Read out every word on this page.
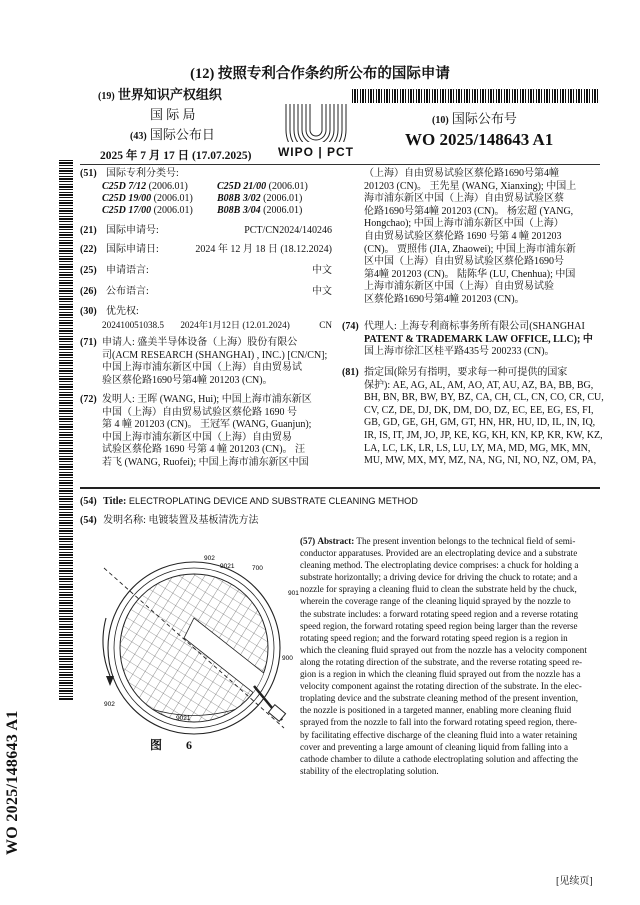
(12) 按照专利合作条约所公布的国际申请
(19) 世界知识产权组织
国 际 局
(43) 国际公布日
2025 年 7 月 17 日 (17.07.2025)	WIPO | PCT
(10) 国际公布号
WO 2025/148643 A1
WO 2025/148643 A1
(51) 国际专利分类号:
C25D 7/12 (2006.01)	C25D 21/00 (2006.01)
C25D 19/00 (2006.01)	B08B 3/02 (2006.01)
C25D 17/00 (2006.01)	B08B 3/04 (2006.01)
(21) 国际申请号:	PCT/CN2024/140246
(22) 国际申请日:	2024 年 12 月 18 日 (18.12.2024)
(25) 申请语言:	中文
(26) 公布语言:	中文
(30) 优先权:
202410051038.5 2024年1月12日 (12.01.2024)	CN
(71) 申请人: 盛美半导体设备（上海）股份有限公
司(ACM RESEARCH (SHANGHAI) , INC.) [CN/CN];
中国上海市浦东新区中国（上海）自由贸易试
验区蔡伦路1690号第4幢 201203 (CN)。
(72) 发明人: 王晖 (WANG, Hui); 中国上海市浦东新区
中国（上海）自由贸易试验区蔡伦路 1690 号
第 4 幢 201203 (CN)。 王冠军 (WANG, Guanjun);
中国上海市浦东新区中国（上海）自由贸易
试验区蔡伦路 1690 号第 4 幢 201203 (CN)。 汪
若飞 (WANG, Ruofei); 中国上海市浦东新区中国
（上海）自由贸易试验区蔡伦路1690号第4幢
201203 (CN)。 王先星 (WANG, Xianxing); 中国上
海市浦东新区中国（上海）自由贸易试验区蔡
伦路1690号第4幢 201203 (CN)。 杨宏超 (YANG,
Hongchao); 中国上海市浦东新区中国（上海）
自由贸易试验区蔡伦路 1690 号第 4 幢 201203
(CN)。 贾照伟 (JIA, Zhaowei); 中国上海市浦东新
区中国（上海）自由贸易试验区蔡伦路1690号
第4幢 201203 (CN)。 陆陈华 (LU, Chenhua); 中国
上海市浦东新区中国（上海）自由贸易试验
区蔡伦路1690号第4幢 201203 (CN)。
(74) 代理人: 上海专利商标事务所有限公司(SHANGHAI
PATENT & TRADEMARK LAW OFFICE, LLC); 中
国上海市徐汇区桂平路435号 200233 (CN)。
(81) 指定国(除另有指明，要求每一种可提供的国家
保护): AE, AG, AL, AM, AO, AT, AU, AZ, BA, BB, BG,
BH, BN, BR, BW, BY, BZ, CA, CH, CL, CN, CO, CR, CU,
CV, CZ, DE, DJ, DK, DM, DO, DZ, EC, EE, EG, ES, FI,
GB, GD, GE, GH, GM, GT, HN, HR, HU, ID, IL, IN, IQ,
IR, IS, IT, JM, JO, JP, KE, KG, KH, KN, KP, KR, KW, KZ,
LA, LC, LK, LR, LS, LU, LY, MA, MD, MG, MK, MN,
MU, MW, MX, MY, MZ, NA, NG, NI, NO, NZ, OM, PA,
(54) Title: ELECTROPLATING DEVICE AND SUBSTRATE CLEANING METHOD
(54) 发明名称: 电镀装置及基板清洗方法
902
9021	700
901
900
902
9021
图　　6
(57) Abstract: The present invention belongs to the technical field of semi-
conductor apparatuses. Provided are an electroplating device and a substrate
cleaning method. The electroplating device comprises: a chuck for holding a
substrate horizontally; a driving device for driving the chuck to rotate; and a
nozzle for spraying a cleaning fluid to clean the substrate held by the chuck,
wherein the coverage range of the cleaning liquid sprayed by the nozzle to
the substrate includes: a forward rotating speed region and a reverse rotating
speed region, the forward rotating speed region being larger than the reverse
rotating speed region; and the forward rotating speed region is a region in
which the cleaning fluid sprayed out from the nozzle has a velocity component
along the rotating direction of the substrate, and the reverse rotating speed re-
gion is a region in which the cleaning fluid sprayed out from the nozzle has a
velocity component against the rotating direction of the substrate. In the elec-
troplating device and the substrate cleaning method of the present invention,
the nozzle is positioned in a targeted manner, enabling more cleaning fluid
sprayed from the nozzle to fall into the forward rotating speed region, there-
by facilitating effective discharge of the cleaning fluid into a water retaining
cover and preventing a large amount of cleaning liquid from falling into a
cathode chamber to dilute a cathode electroplating solution and affecting the
stability of the electroplating solution.
[见续页]
